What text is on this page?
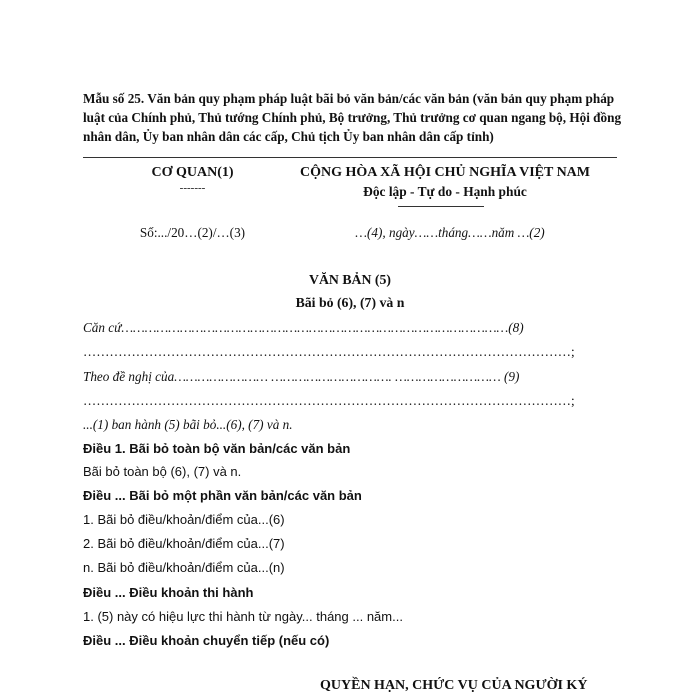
Mẫu số 25. Văn bản quy phạm pháp luật bãi bỏ văn bản/các văn bản (văn bản quy phạm pháp luật của Chính phủ, Thủ tướng Chính phủ, Bộ trưởng, Thủ trưởng cơ quan ngang bộ, Hội đồng nhân dân, Ủy ban nhân dân các cấp, Chủ tịch Ủy ban nhân dân cấp tỉnh)
CƠ QUAN(1)
-------
CỘNG HÒA XÃ HỘI CHỦ NGHĨA VIỆT NAM
Độc lập - Tự do - Hạnh phúc
Số:.../20…(2)/…(3)	…(4), ngày……tháng……năm …(2)
VĂN BẢN (5)
Bãi bỏ (6), (7) và n
Căn cứ………………………………………………………………………………………(8)
…………………………………………………………………………………………………;
Theo đề nghị của…………………… …………………………. ……………………… (9)
…………………………………………………………………………………………………;
...(1) ban hành (5) bãi bỏ...(6), (7) và n.
Điều 1. Bãi bỏ toàn bộ văn bản/các văn bản
Bãi bỏ toàn bộ (6), (7) và n.
Điều ... Bãi bỏ một phần văn bản/các văn bản
1. Bãi bỏ điều/khoản/điểm của...(6)
2. Bãi bỏ điều/khoản/điểm của...(7)
n. Bãi bỏ điều/khoản/điểm của...(n)
Điều ... Điều khoản thi hành
1. (5) này có hiệu lực thi hành từ ngày... tháng ... năm...
Điều ... Điều khoản chuyển tiếp (nếu có)
QUYỀN HẠN, CHỨC VỤ CỦA NGƯỜI KÝ
